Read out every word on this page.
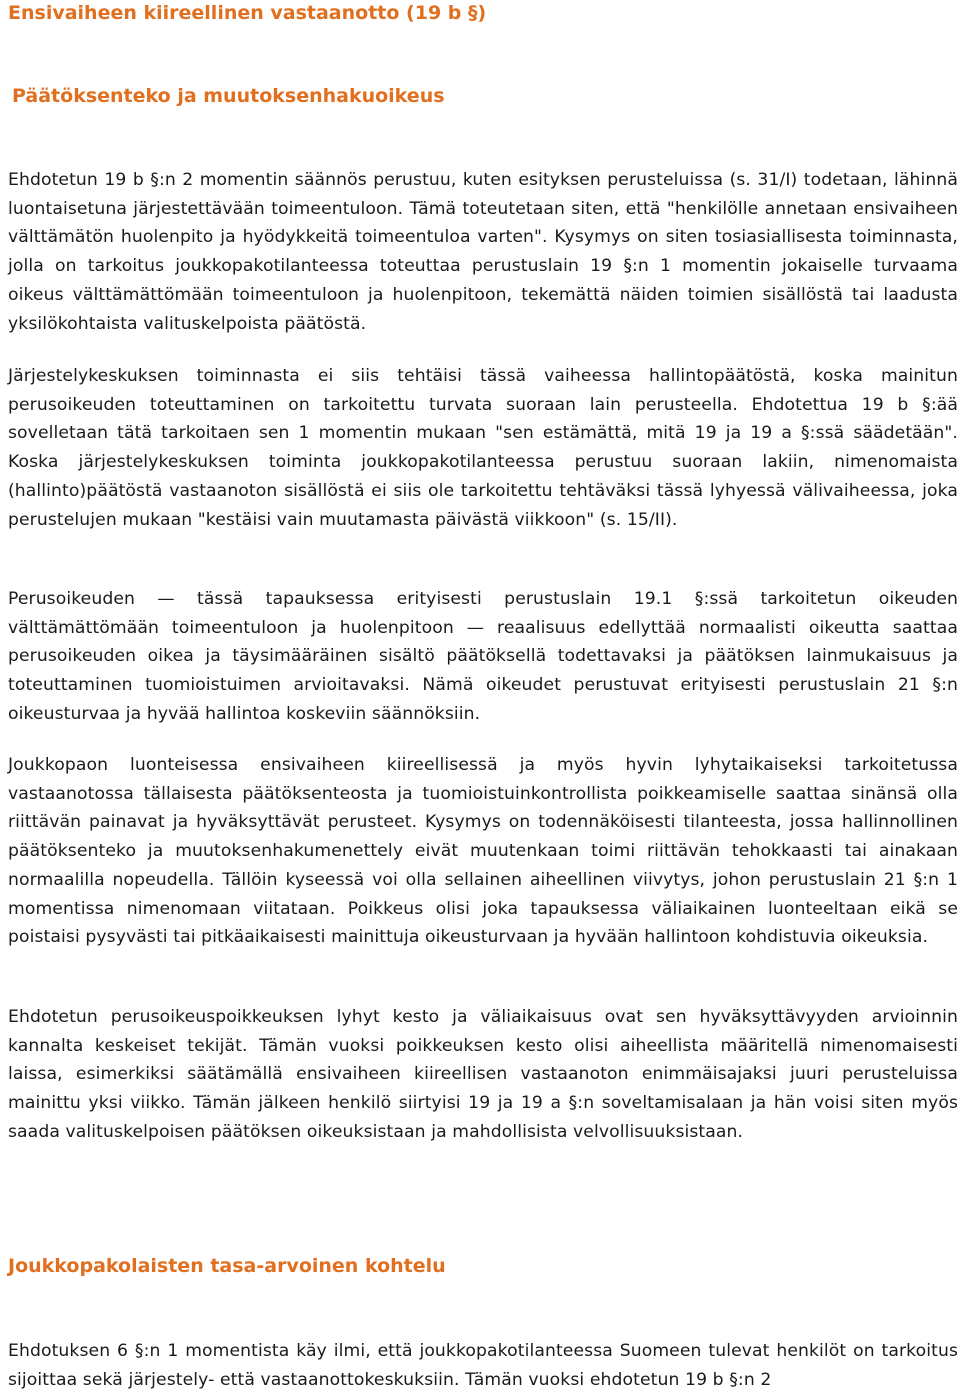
Ensivaiheen kiireellinen vastaanotto (19 b §)
Päätöksenteko ja muutoksenhakuoikeus

Ehdotetun 19 b §:n 2 momentin säännös perustuu, kuten esityksen perusteluissa (s. 31/I) todetaan, lähinnä luontaisetuna järjestettävään toimeentuloon. Tämä toteutetaan siten, että "henkilölle annetaan ensivaiheen välttämätön huolenpito ja hyödykkeitä toimeentuloa varten". Kysymys on siten tosiasiallisesta toiminnasta, jolla on tarkoitus joukkopakotilanteessa toteuttaa perustuslain 19 §:n 1 momentin jokaiselle turvaama oikeus välttämättömään toimeentuloon ja huolenpitoon, tekemättä näiden toimien sisällöstä tai laadusta yksilökohtaista valituskelpoista päätöstä.

Järjestelykeskuksen toiminnasta ei siis tehtäisi tässä vaiheessa hallintopäätöstä, koska mainitun perusoikeuden toteuttaminen on tarkoitettu turvata suoraan lain perusteella. Ehdotettua 19 b §:ää sovelletaan tätä tarkoitaen sen 1 momentin mukaan "sen estämättä, mitä 19 ja 19 a §:ssä säädetään". Koska järjestelykeskuksen toiminta joukkopakotilanteessa perustuu suoraan lakiin, nimenomaista (hallinto)päätöstä vastaanoton sisällöstä ei siis ole tarkoitettu tehtäväksi tässä lyhyessä välivaiheessa, joka perustelujen mukaan "kestäisi vain muutamasta päivästä viikkoon" (s. 15/II).

Perusoikeuden — tässä tapauksessa erityisesti perustuslain 19.1 §:ssä tarkoitetun oikeuden välttämättömään toimeentuloon ja huolenpitoon — reaalisuus edellyttää normaalisti oikeutta saattaa perusoikeuden oikea ja täysimääräinen sisältö päätöksellä todettavaksi ja päätöksen lainmukaisuus ja toteuttaminen tuomioistuimen arvioitavaksi. Nämä oikeudet perustuvat erityisesti perustuslain 21 §:n oikeusturvaa ja hyvää hallintoa koskeviin säännöksiin.

Joukkopaon luonteisessa ensivaiheen kiireellisessä ja myös hyvin lyhytaikaiseksi tarkoitetussa vastaanotossa tällaisesta päätöksenteosta ja tuomioistuinkontrollista poikkeamiselle saattaa sinänsä olla riittävän painavat ja hyväksyttävät perusteet. Kysymys on todennäköisesti tilanteesta, jossa hallinnollinen päätöksenteko ja muutoksenhakumenettely eivät muutenkaan toimi riittävän tehokkaasti tai ainakaan normaalilla nopeudella. Tällöin kyseessä voi olla sellainen aiheellinen viivytys, johon perustuslain 21 §:n 1 momentissa nimenomaan viitataan. Poikkeus olisi joka tapauksessa väliaikainen luonteeltaan eikä se poistaisi pysyvästi tai pitkäaikaisesti mainittuja oikeusturvaan ja hyvään hallintoon kohdistuvia oikeuksia.

Ehdotetun perusoikeuspoikkeuksen lyhyt kesto ja väliaikaisuus ovat sen hyväksyttävyyden arvioinnin kannalta keskeiset tekijät. Tämän vuoksi poikkeuksen kesto olisi aiheellista määritellä nimenomaisesti laissa, esimerkiksi säätämällä ensivaiheen kiireellisen vastaanoton enimmäisajaksi juuri perusteluissa mainittu yksi viikko. Tämän jälkeen henkilö siirtyisi 19 ja 19 a §:n soveltamisalaan ja hän voisi siten myös saada valituskelpoisen päätöksen oikeuksistaan ja mahdollisista velvollisuuksistaan.

Joukkopakolaisten tasa-arvoinen kohtelu

Ehdotuksen 6 §:n 1 momentista käy ilmi, että joukkopakotilanteessa Suomeen tulevat henkilöt on tarkoitus sijoittaa sekä järjestely- että vastaanottokeskuksiin. Tämän vuoksi ehdotetun 19 b §:n 2
